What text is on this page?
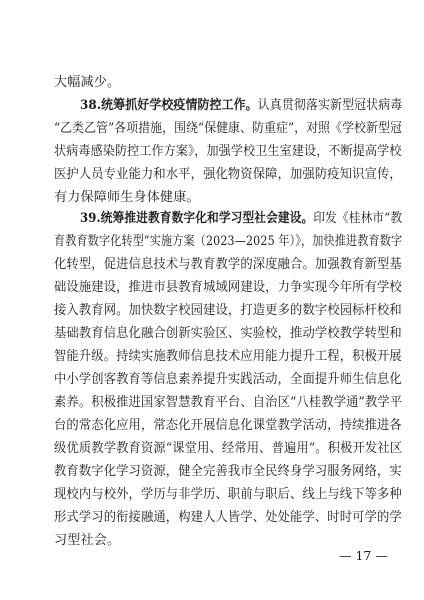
大幅减少。
38.统筹抓好学校疫情防控工作。认真贯彻落实新型冠状病毒
“乙类乙管”各项措施，围绕“保健康、防重症”，对照《学校新型冠
状病毒感染防控工作方案》，加强学校卫生室建设，不断提高学校
医护人员专业能力和水平，强化物资保障，加强防疫知识宣传，
有力保障师生身体健康。
39.统筹推进教育数字化和学习型社会建设。印发《桂林市“教
育教育数字化转型”实施方案（2023—2025 年）》，加快推进教育数字
化转型，促进信息技术与教育教学的深度融合。加强教育新型基
础设施建设，推进市县教育城域网建设，力争实现今年所有学校
接入教育网。加快数字校园建设，打造更多的数字校园标杆校和
基础教育信息化融合创新实验区、实验校，推动学校教学转型和
智能升级。持续实施教师信息技术应用能力提升工程，积极开展
中小学创客教育等信息素养提升实践活动，全面提升师生信息化
素养。积极推进国家智慧教育平台、自治区“八桂教学通”教学平
台的常态化应用，常态化开展信息化课堂教学活动，持续推进各
级优质教学教育资源“课堂用、经常用、普遍用”。积极开发社区
教育数字化学习资源，健全完善我市全民终身学习服务网络，实
现校内与校外，学历与非学历、职前与职后、线上与线下等多种
形式学习的衔接融通，构建人人皆学、处处能学、时时可学的学
习型社会。
— 17 —
